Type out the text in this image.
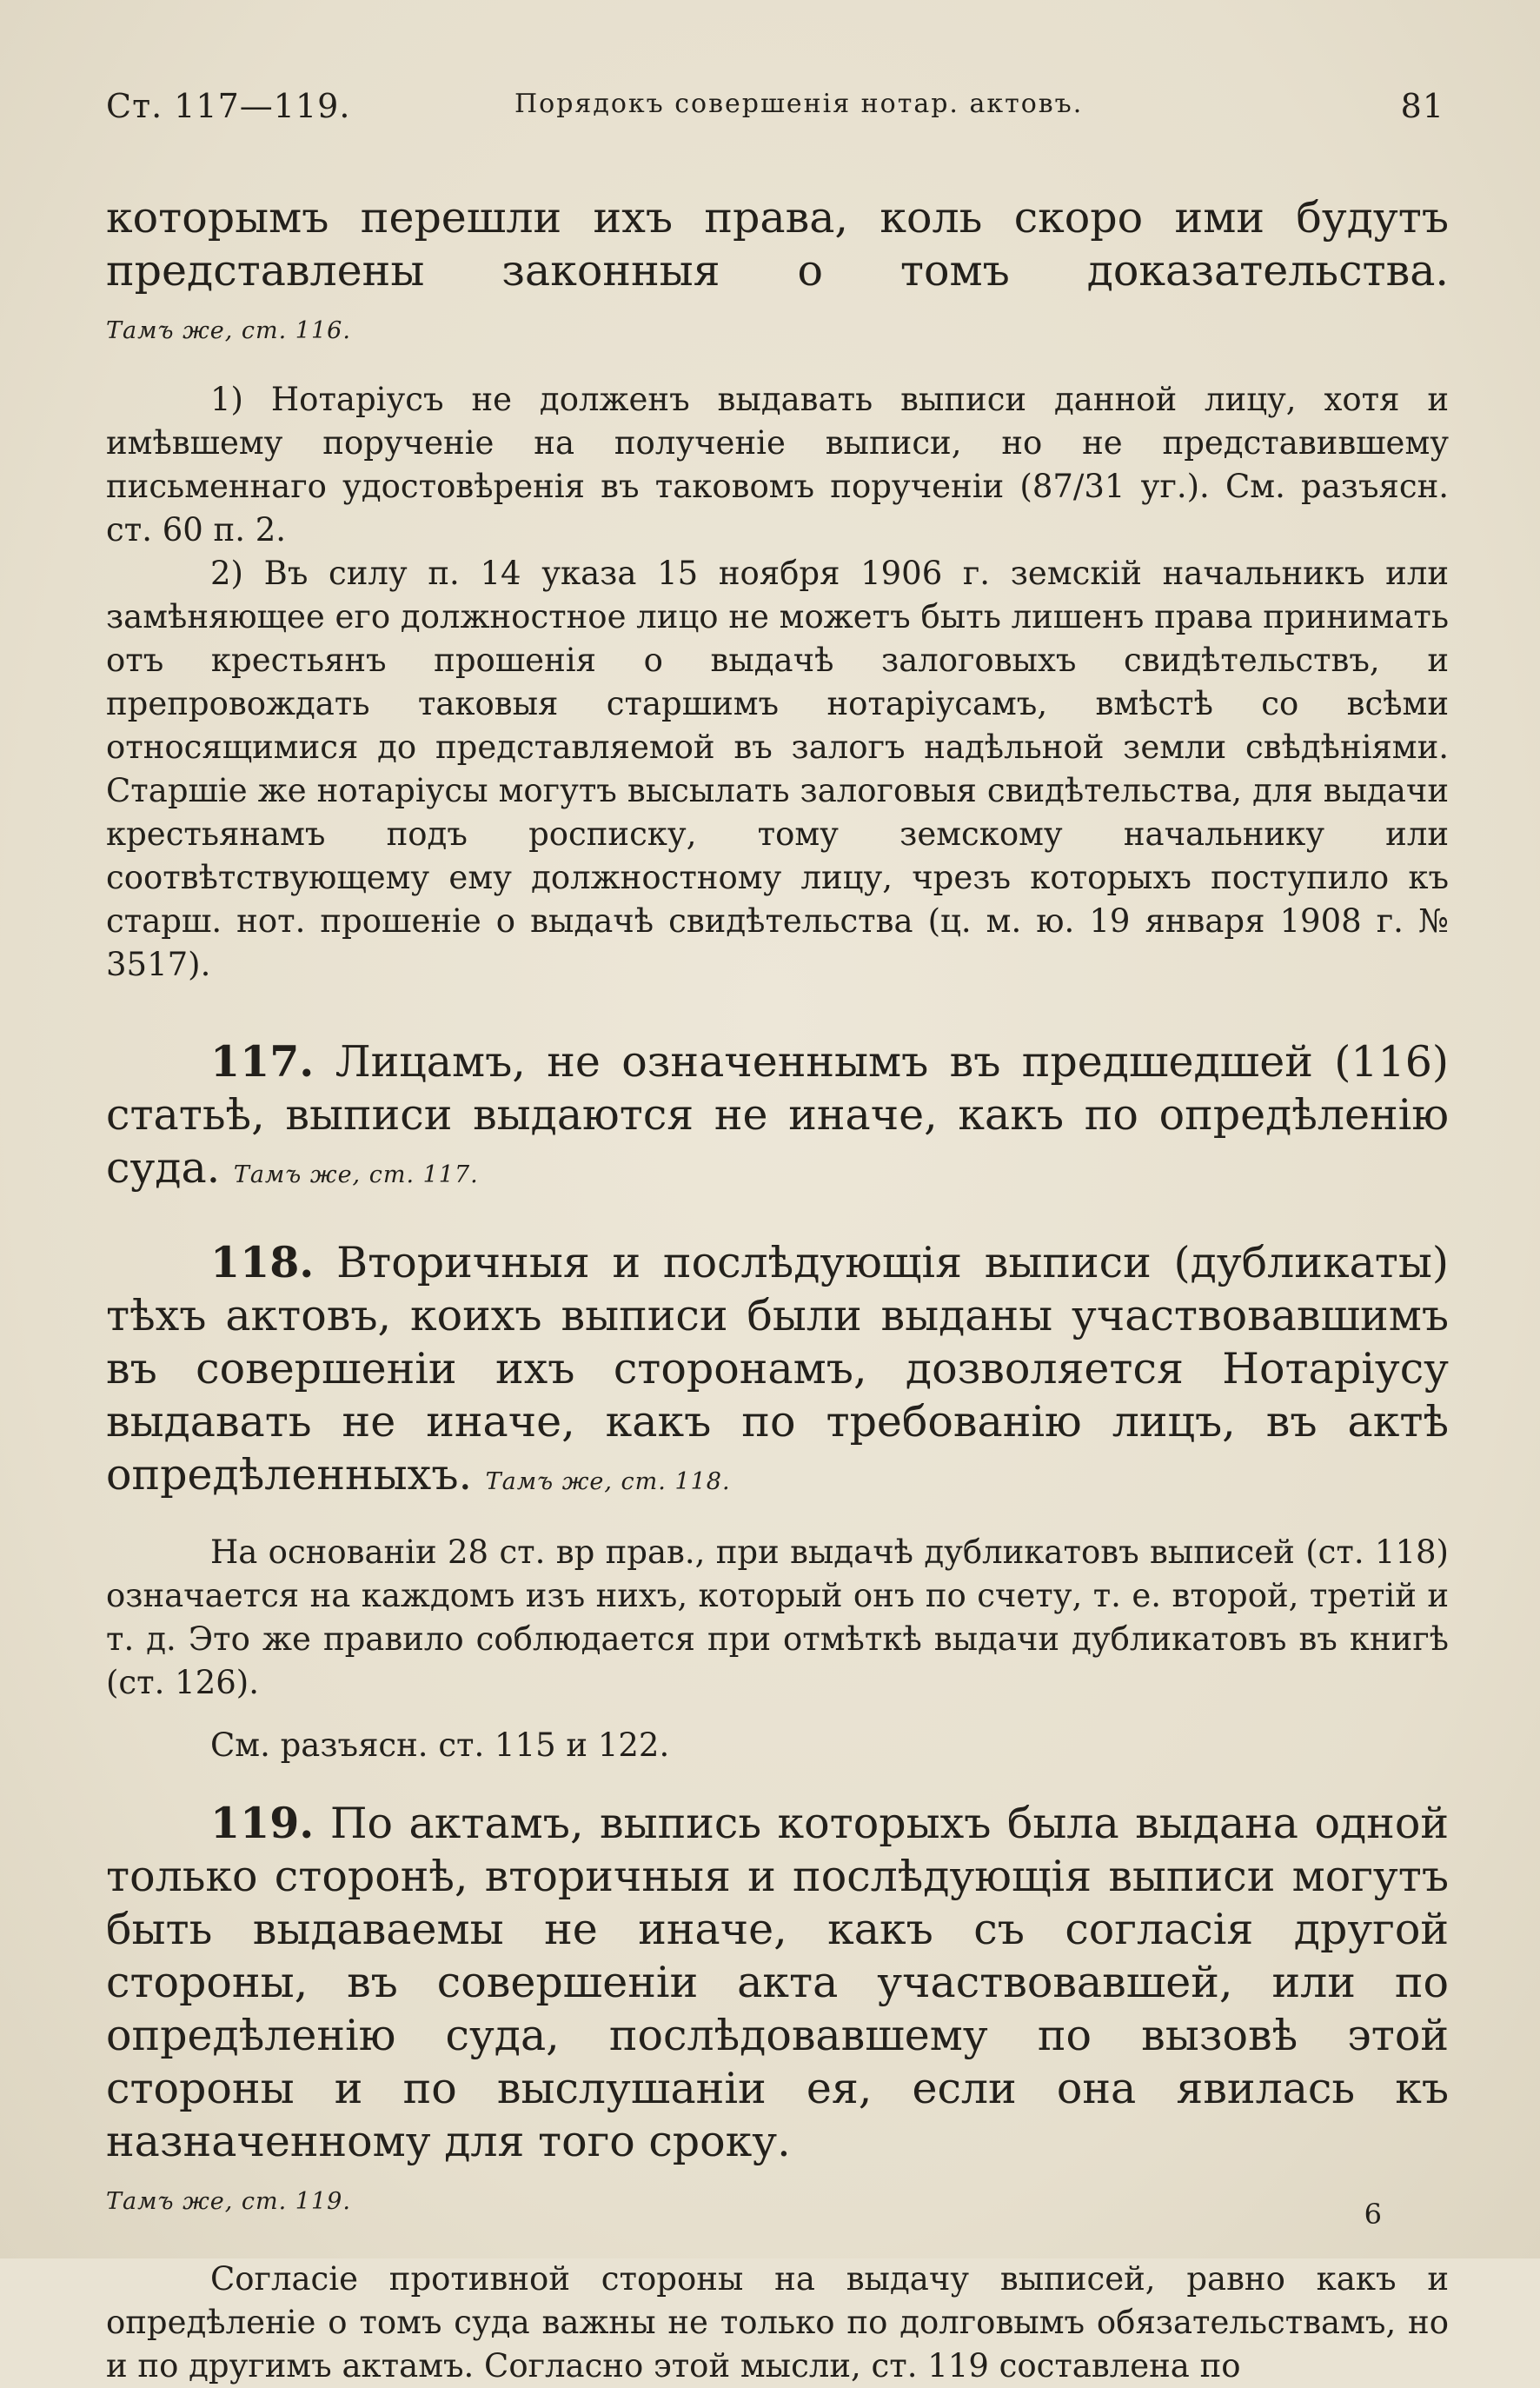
Ст. 117—119.	Порядокъ совершенія нотар. актовъ.	81

которымъ перешли ихъ права, коль скоро ими будутъ представлены законныя о томъ доказательства. Тамъ же, ст. 116.

1) Нотаріусъ не долженъ выдавать выписи данной лицу, хотя и имѣвшему порученіе на полученіе выписи, но не представившему письменнаго удостовѣренія въ таковомъ порученіи (87/31 уг.). См. разъясн. ст. 60 п. 2.

2) Въ силу п. 14 указа 15 ноября 1906 г. земскій начальникъ или замѣняющее его должностное лицо не можетъ быть лишенъ права принимать отъ крестьянъ прошенія о выдачѣ залоговыхъ свидѣтельствъ, и препровождать таковыя старшимъ нотаріусамъ, вмѣстѣ со всѣми относящимися до представляемой въ залогъ надѣльной земли свѣдѣніями. Старшіе же нотаріусы могутъ высылать залоговыя свидѣтельства, для выдачи крестьянамъ подъ росписку, тому земскому начальнику или соотвѣтствующему ему должностному лицу, чрезъ которыхъ поступило къ старш. нот. прошеніе о выдачѣ свидѣтельства (ц. м. ю. 19 января 1908 г. № 3517).

117. Лицамъ, не означеннымъ въ предшедшей (116) статьѣ, выписи выдаются не иначе, какъ по опредѣленію суда. Тамъ же, ст. 117.

118. Вторичныя и послѣдующія выписи (дубликаты) тѣхъ актовъ, коихъ выписи были выданы участвовавшимъ въ совершеніи ихъ сторонамъ, дозволяется Нотаріусу выдавать не иначе, какъ по требованію лицъ, въ актѣ опредѣленныхъ. Тамъ же, ст. 118.

На основаніи 28 ст. вр прав., при выдачѣ дубликатовъ выписей (ст. 118) означается на каждомъ изъ нихъ, который онъ по счету, т. е. второй, третій и т. д. Это же правило соблюдается при отмѣткѣ выдачи дубликатовъ въ книгѣ (ст. 126).

См. разъясн. ст. 115 и 122.

119. По актамъ, выпись которыхъ была выдана одной только сторонѣ, вторичныя и послѣдующія выписи могутъ быть выдаваемы не иначе, какъ съ согласія другой стороны, въ совершеніи акта участвовавшей, или по опредѣленію суда, послѣдовавшему по вызовѣ этой стороны и по выслушаніи ея, если она явилась къ назначенному для того сроку.

Тамъ же, ст. 119.

Согласіе противной стороны на выдачу выписей, равно какъ и опредѣленіе о томъ суда важны не только по долговымъ обязательствамъ, но и по другимъ актамъ. Согласно этой мысли, ст. 119 составлена по

6
